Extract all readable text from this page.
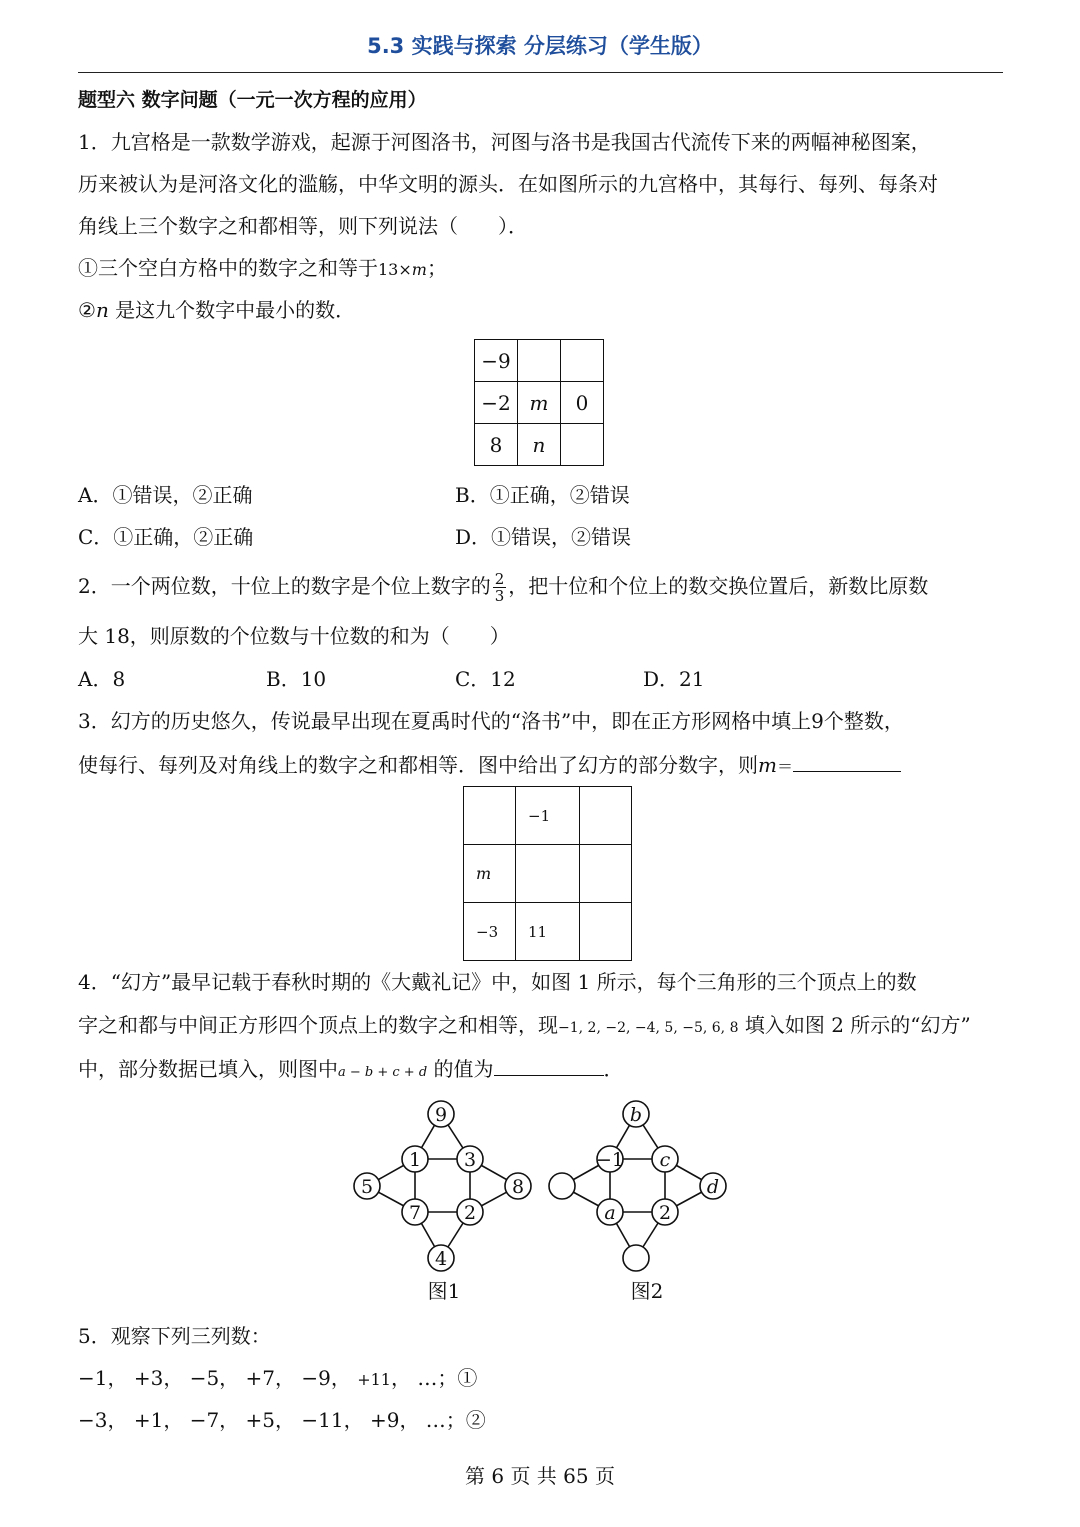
5.3 实践与探索 分层练习（学生版）
题型六 数字问题（一元一次方程的应用）
1．九宫格是一款数学游戏，起源于河图洛书，河图与洛书是我国古代流传下来的两幅神秘图案，
历来被认为是河洛文化的滥觞，中华文明的源头．在如图所示的九宫格中，其每行、每列、每条对
角线上三个数字之和都相等，则下列说法（　　）．
①三个空白方格中的数字之和等于13×m；
②n 是这九个数字中最小的数．
−9		
−2	m	0
8	n	
A．①错误，②正确	B．①正确，②错误
C．①正确，②正确	D．①错误，②错误
2．一个两位数，十位上的数字是个位上数字的 $\frac{2}{3}$ ，把十位和个位上的数交换位置后，新数比原数
大 18，则原数的个位数与十位数的和为（　　）
A．8	B．10	C．12	D．21
3．幻方的历史悠久，传说最早出现在夏禹时代的“洛书”中，即在正方形网格中填上9个整数，
使每行、每列及对角线上的数字之和都相等．图中给出了幻方的部分数字，则m＝
	−1	
m		
−3	11	
4．“幻方”最早记载于春秋时期的《大戴礼记》中，如图 1 所示，每个三角形的三个顶点上的数
字之和都与中间正方形四个顶点上的数字之和相等，现−1, 2, −2, −4, 5, −5, 6, 8 填入如图 2 所示的“幻方”
中，部分数据已填入，则图中a − b + c + d 的值为	．
9
1 3
7 2
5	8
4
图1
b
−1 c
a 2
d
图2
5．观察下列三列数：
−1， +3， −5， +7， −9， +11， …；①
−3， +1， −7， +5， −11， +9， …；②
第 6 页 共 65 页
